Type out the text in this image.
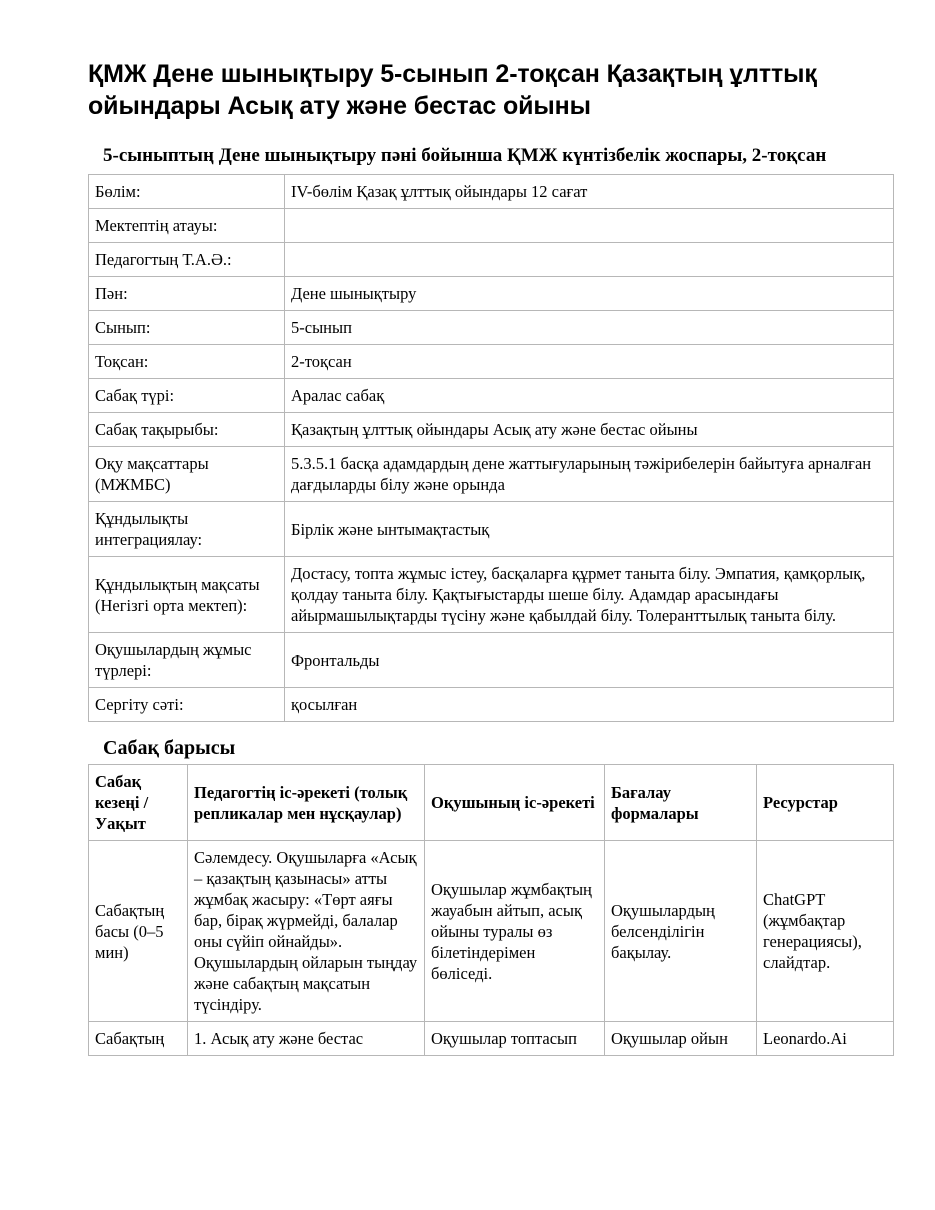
ҚМЖ Дене шынықтыру 5-сынып 2-тоқсан Қазақтың ұлттық ойындары Асық ату және бестас ойыны
5-сыныптың Дене шынықтыру пәні бойынша ҚМЖ күнтізбелік жоспары, 2-тоқсан
Бөлім:	IV-бөлім Қазақ ұлттық ойындары 12 сағат
Мектептің атауы:	
Педагогтың Т.А.Ә.:	
Пән:	Дене шынықтыру
Сынып:	5-сынып
Тоқсан:	2-тоқсан
Сабақ түрі:	Аралас сабақ
Сабақ тақырыбы:	Қазақтың ұлттық ойындары Асық ату және бестас ойыны
Оқу мақсаттары (МЖМБС)	5.3.5.1 басқа адамдардың дене жаттығуларының тәжірибелерін байытуға арналған дағдыларды білу және орында
Құндылықты интеграциялау:	Бірлік және ынтымақтастық
Құндылықтың мақсаты (Негізгі орта мектеп):	Достасу, топта жұмыс істеу, басқаларға құрмет таныта білу. Эмпатия, қамқорлық, қолдау таныта білу. Қақтығыстарды шеше білу. Адамдар арасындағы айырмашылықтарды түсіну және қабылдай білу. Толеранттылық таныта білу.
Оқушылардың жұмыс түрлері:	Фронтальды
Сергіту сәті:	қосылған
Сабақ барысы
Сабақ кезеңі / Уақыт	Педагогтің іс-әрекеті (толық репликалар мен нұсқаулар)	Оқушының іс-әрекеті	Бағалау формалары	Ресурстар
Сабақтың басы (0–5 мин)	Сәлемдесу. Оқушыларға «Асық – қазақтың қазынасы» атты жұмбақ жасыру: «Төрт аяғы бар, бірақ жүрмейді, балалар оны сүйіп ойнайды». Оқушылардың ойларын тыңдау және сабақтың мақсатын түсіндіру.	Оқушылар жұмбақтың жауабын айтып, асық ойыны туралы өз білетіндерімен бөліседі.	Оқушылардың белсенділігін бақылау.	ChatGPT (жұмбақтар генерациясы), слайдтар.
Сабақтың	1. Асық ату және бестас	Оқушылар топтасып	Оқушылар ойын	Leonardo.Ai
